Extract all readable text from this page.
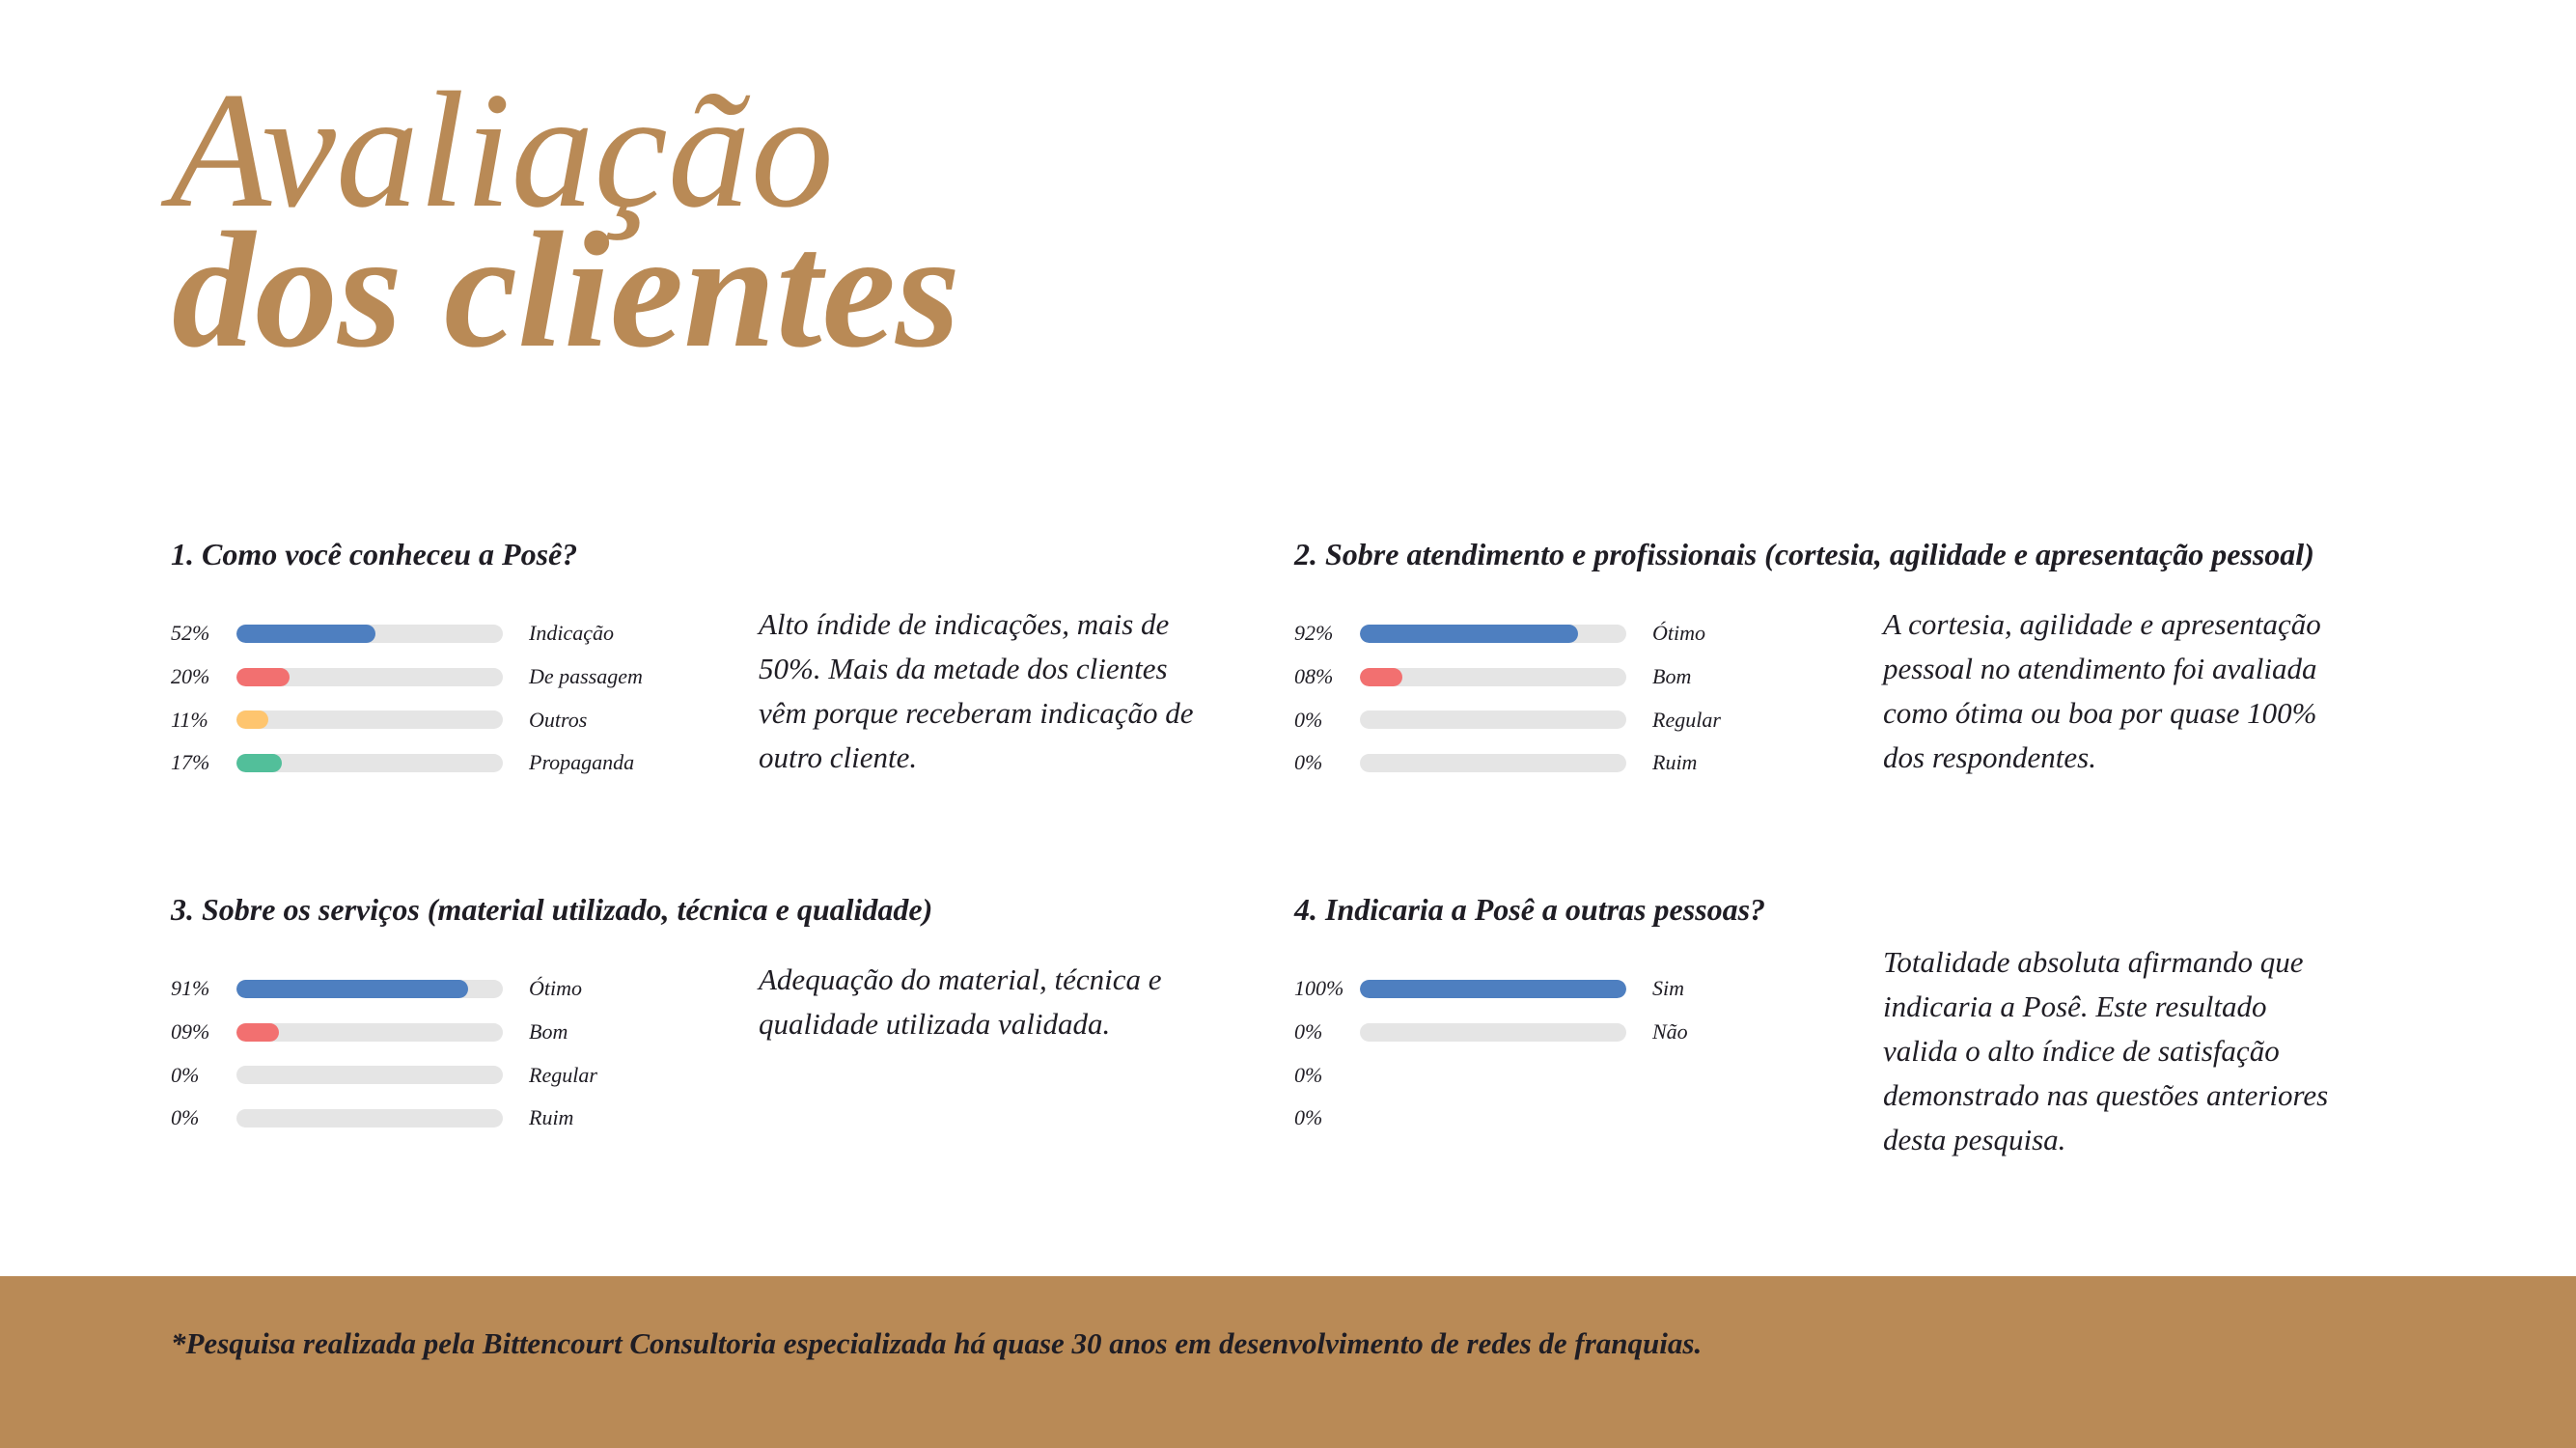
Avaliação
dos clientes
1. Como você conheceu a Posê?
52%	Indicação
20%	De passagem
11%	Outros
17%	Propaganda
Alto índide de indicações, mais de 50%. Mais da metade dos clientes vêm porque receberam indicação de outro cliente.
2. Sobre atendimento e profissionais (cortesia, agilidade e apresentação pessoal)
92%	Ótimo
08%	Bom
0%	Regular
0%	Ruim
A cortesia, agilidade e apresentação pessoal no atendimento foi avaliada como ótima ou boa por quase 100% dos respondentes.
3. Sobre os serviços (material utilizado, técnica e qualidade)
91%	Ótimo
09%	Bom
0%	Regular
0%	Ruim
Adequação do material, técnica e qualidade utilizada validada.
4. Indicaria a Posê a outras pessoas?
100%	Sim
0%	Não
0%
0%
Totalidade absoluta afirmando que indicaria a Posê. Este resultado valida o alto índice de satisfação demonstrado nas questões anteriores desta pesquisa.
*Pesquisa realizada pela Bittencourt Consultoria especializada há quase 30 anos em desenvolvimento de redes de franquias.
